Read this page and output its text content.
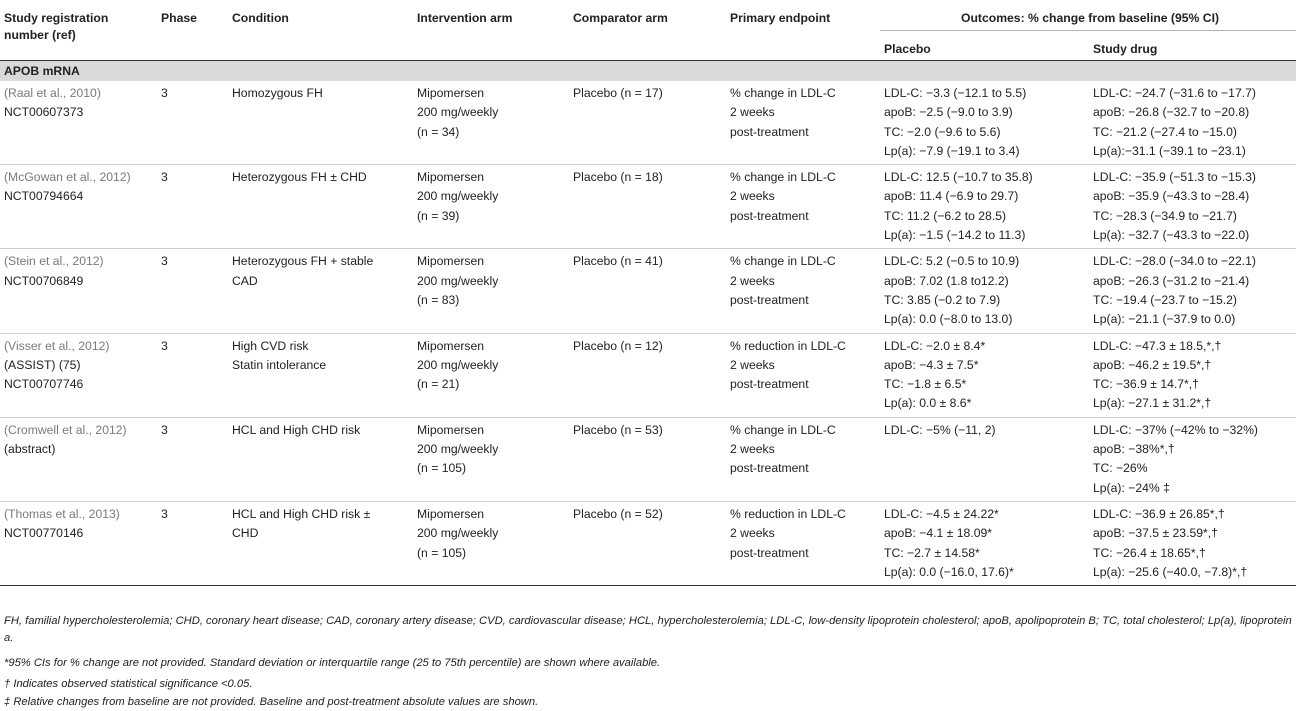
Study registration
number (ref)	Phase	Condition	Intervention arm	Comparator arm	Primary endpoint	Outcomes: % change from baseline (95% CI)	
						Placebo	Study drug

APOB mRNA							

(Raal et al., 2010)
NCT00607373	3	Homozygous FH	Mipomersen
200 mg/weekly
(n = 34)	Placebo (n = 17)	% change in LDL-C
2 weeks
post-treatment	LDL-C: −3.3 (−12.1 to 5.5)
apoB: −2.5 (−9.0 to 3.9)
TC: −2.0 (−9.6 to 5.6)
Lp(a): −7.9 (−19.1 to 3.4)	LDL-C: −24.7 (−31.6 to −17.7)
apoB: −26.8 (−32.7 to −20.8)
TC: −21.2 (−27.4 to −15.0)
Lp(a):−31.1 (−39.1 to −23.1)

(McGowan et al., 2012)
NCT00794664	3	Heterozygous FH ± CHD	Mipomersen
200 mg/weekly
(n = 39)	Placebo (n = 18)	% change in LDL-C
2 weeks
post-treatment	LDL-C: 12.5 (−10.7 to 35.8)
apoB: 11.4 (−6.9 to 29.7)
TC: 11.2 (−6.2 to 28.5)
Lp(a): −1.5 (−14.2 to 11.3)	LDL-C: −35.9 (−51.3 to −15.3)
apoB: −35.9 (−43.3 to −28.4)
TC: −28.3 (−34.9 to −21.7)
Lp(a): −32.7 (−43.3 to −22.0)

(Stein et al., 2012)
NCT00706849	3	Heterozygous FH + stable
CAD	Mipomersen
200 mg/weekly
(n = 83)	Placebo (n = 41)	% change in LDL-C
2 weeks
post-treatment	LDL-C: 5.2 (−0.5 to 10.9)
apoB: 7.02 (1.8 to12.2)
TC: 3.85 (−0.2 to 7.9)
Lp(a): 0.0 (−8.0 to 13.0)	LDL-C: −28.0 (−34.0 to −22.1)
apoB: −26.3 (−31.2 to −21.4)
TC: −19.4 (−23.7 to −15.2)
Lp(a): −21.1 (−37.9 to 0.0)

(Visser et al., 2012)
(ASSIST) (75)
NCT00707746	3	High CVD risk
Statin intolerance	Mipomersen
200 mg/weekly
(n = 21)	Placebo (n = 12)	% reduction in LDL-C
2 weeks
post-treatment	LDL-C: −2.0 ± 8.4*
apoB: −4.3 ± 7.5*
TC: −1.8 ± 6.5*
Lp(a): 0.0 ± 8.6*	LDL-C: −47.3 ± 18.5,*,†
apoB: −46.2 ± 19.5*,†
TC: −36.9 ± 14.7*,†
Lp(a): −27.1 ± 31.2*,†

(Cromwell et al., 2012)
(abstract)	3	HCL and High CHD risk	Mipomersen
200 mg/weekly
(n = 105)	Placebo (n = 53)	% change in LDL-C
2 weeks
post-treatment	LDL-C: −5% (−11, 2)	LDL-C: −37% (−42% to −32%)
apoB: −38%*,†
TC: −26%
Lp(a): −24% ‡

(Thomas et al., 2013)
NCT00770146	3	HCL and High CHD risk ±
CHD	Mipomersen
200 mg/weekly
(n = 105)	Placebo (n = 52)	% reduction in LDL-C
2 weeks
post-treatment	LDL-C: −4.5 ± 24.22*
apoB: −4.1 ± 18.09*
TC: −2.7 ± 14.58*
Lp(a): 0.0 (−16.0, 17.6)*	LDL-C: −36.9 ± 26.85*,†
apoB: −37.5 ± 23.59*,†
TC: −26.4 ± 18.65*,†
Lp(a): −25.6 (−40.0, −7.8)*,†
FH, familial hypercholesterolemia; CHD, coronary heart disease; CAD, coronary artery disease; CVD, cardiovascular disease; HCL, hypercholesterolemia; LDL-C, low-density lipoprotein cholesterol; apoB, apolipoprotein B; TC, total cholesterol; Lp(a), lipoprotein a.
*95% CIs for % change are not provided. Standard deviation or interquartile range (25 to 75th percentile) are shown where available.
† Indicates observed statistical significance <0.05.
‡ Relative changes from baseline are not provided. Baseline and post-treatment absolute values are shown.
